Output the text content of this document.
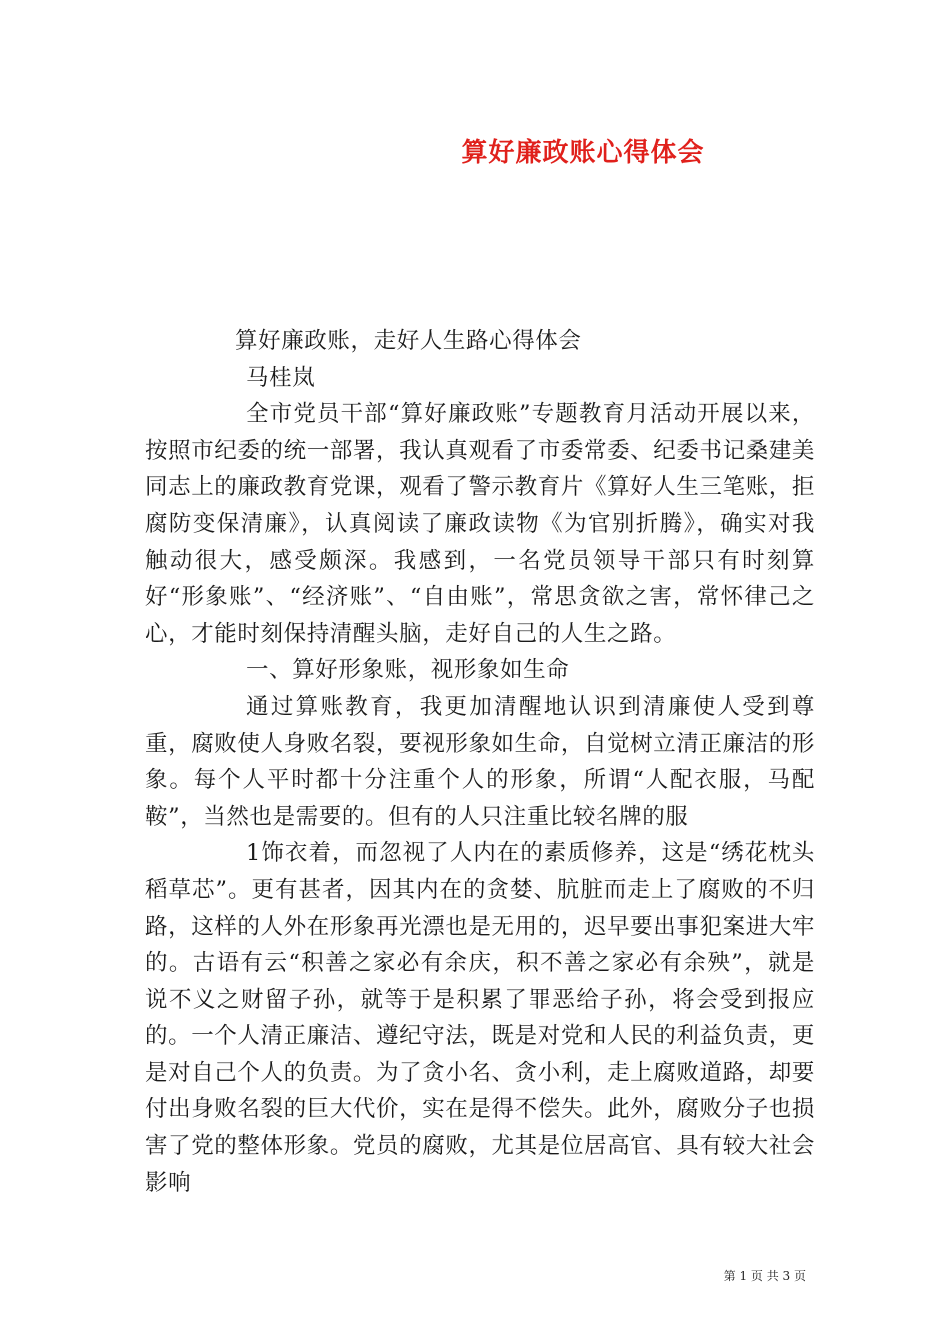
算好廉政账心得体会

算好廉政账，走好人生路心得体会

马桂岚

全市党员干部“算好廉政账”专题教育月活动开展以来，按照市纪委的统一部署，我认真观看了市委常委、纪委书记桑建美同志上的廉政教育党课，观看了警示教育片《算好人生三笔账，拒腐防变保清廉》，认真阅读了廉政读物《为官别折腾》，确实对我触动很大，感受颇深。我感到，一名党员领导干部只有时刻算好“形象账”、“经济账”、“自由账”，常思贪欲之害，常怀律己之心，才能时刻保持清醒头脑，走好自己的人生之路。

一、算好形象账，视形象如生命

通过算账教育，我更加清醒地认识到清廉使人受到尊重，腐败使人身败名裂，要视形象如生命，自觉树立清正廉洁的形象。每个人平时都十分注重个人的形象，所谓“人配衣服，马配鞍”，当然也是需要的。但有的人只注重比较名牌的服

1饰衣着，而忽视了人内在的素质修养，这是“绣花枕头稻草芯”。更有甚者，因其内在的贪婪、肮脏而走上了腐败的不归路，这样的人外在形象再光漂也是无用的，迟早要出事犯案进大牢的。古语有云“积善之家必有余庆，积不善之家必有余殃”，就是说不义之财留子孙，就等于是积累了罪恶给子孙，将会受到报应的。一个人清正廉洁、遵纪守法，既是对党和人民的利益负责，更是对自己个人的负责。为了贪小名、贪小利，走上腐败道路，却要付出身败名裂的巨大代价，实在是得不偿失。此外，腐败分子也损害了党的整体形象。党员的腐败，尤其是位居高官、具有较大社会影响

第 1 页 共 3 页
